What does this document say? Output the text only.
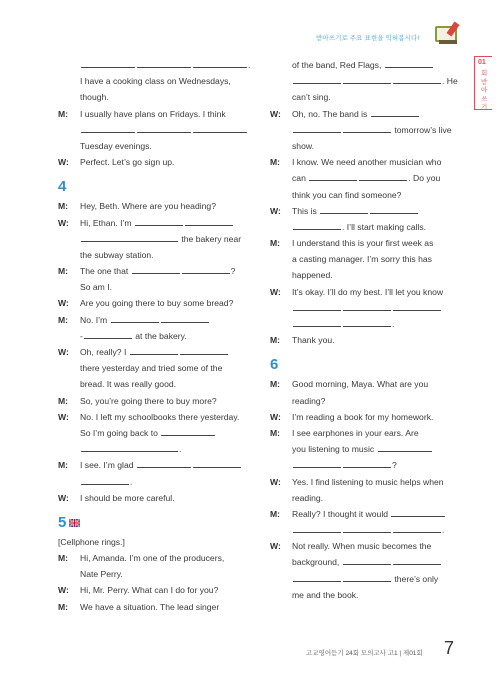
받아쓰기로 주요 표현을 익혀봅시다!
01
회 받아쓰기
.
I have a cooking class on Wednesdays,
though.
M: I usually have plans on Fridays. I think
Tuesday evenings.
W: Perfect. Let’s go sign up.
4
M: Hey, Beth. Where are you heading?
W: Hi, Ethan. I’m
the bakery near
the subway station.
M: The one that	?
So am I.
W: Are you going there to buy some bread?
M: No. I’m
-	at the bakery.
W: Oh, really? I
there yesterday and tried some of the
bread. It was really good.
M: So, you’re going there to buy more?
W: No. I left my schoolbooks there yesterday.
So I’m going back to
.
M: I see. I’m glad
.
W: I should be more careful.
5
[Cellphone rings.]
M: Hi, Amanda. I’m one of the producers,
Nate Perry.
W: Hi, Mr. Perry. What can I do for you?
M: We have a situation. The lead singer
of the band, Red Flags,
. He
can’t sing.
W: Oh, no. The band is
tomorrow’s live
show.
M: I know. We need another musician who
can	. Do you
think you can find someone?
W: This is
. I’ll start making calls.
M: I understand this is your first week as
a casting manager. I’m sorry this has
happened.
W: It’s okay. I’ll do my best. I’ll let you know
.
M: Thank you.
6
M: Good morning, Maya. What are you
reading?
W: I’m reading a book for my homework.
M: I see earphones in your ears. Are
you listening to music
?
W: Yes. I find listening to music helps when
reading.
M: Really? I thought it would
.
W: Not really. When music becomes the
background,
there’s only
me and the book.
고교영어듣기 24회 모의고사 고1 | 제01회 7
